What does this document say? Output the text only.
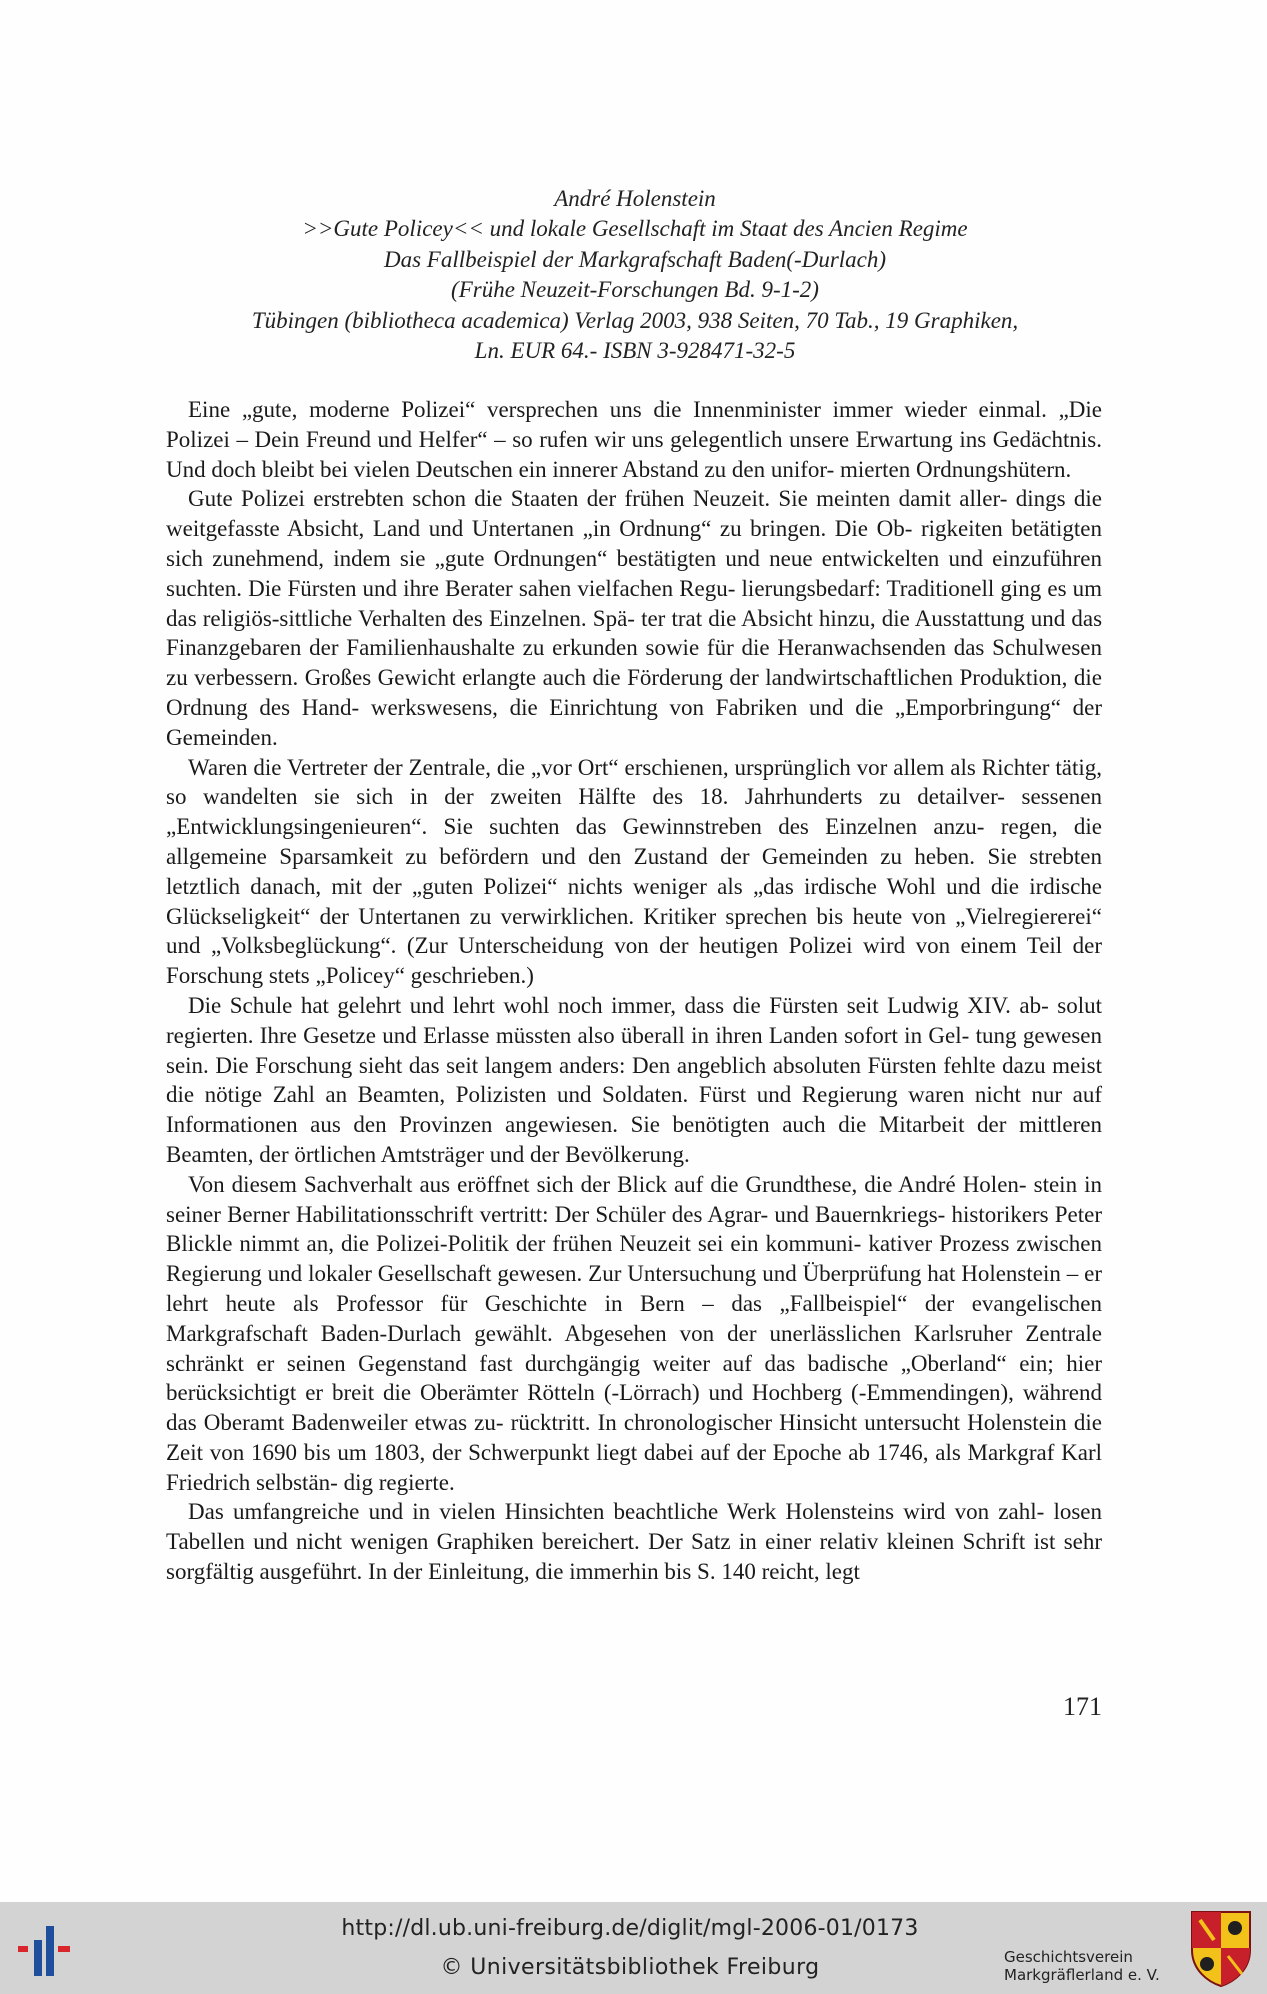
André Holenstein
>>Gute Policey<< und lokale Gesellschaft im Staat des Ancien Regime
Das Fallbeispiel der Markgrafschaft Baden(-Durlach)
(Frühe Neuzeit-Forschungen Bd. 9-1-2)
Tübingen (bibliotheca academica) Verlag 2003, 938 Seiten, 70 Tab., 19 Graphiken,
Ln. EUR 64.- ISBN 3-928471-32-5

Eine „gute, moderne Polizei“ versprechen uns die Innenminister immer wieder einmal. „Die Polizei – Dein Freund und Helfer“ – so rufen wir uns gelegentlich unsere Erwartung ins Gedächtnis. Und doch bleibt bei vielen Deutschen ein innerer Abstand zu den unifor- mierten Ordnungshütern.

Gute Polizei erstrebten schon die Staaten der frühen Neuzeit. Sie meinten damit aller- dings die weitgefasste Absicht, Land und Untertanen „in Ordnung“ zu bringen. Die Ob- rigkeiten betätigten sich zunehmend, indem sie „gute Ordnungen“ bestätigten und neue entwickelten und einzuführen suchten. Die Fürsten und ihre Berater sahen vielfachen Regu- lierungsbedarf: Traditionell ging es um das religiös-sittliche Verhalten des Einzelnen. Spä- ter trat die Absicht hinzu, die Ausstattung und das Finanzgebaren der Familienhaushalte zu erkunden sowie für die Heranwachsenden das Schulwesen zu verbessern. Großes Gewicht erlangte auch die Förderung der landwirtschaftlichen Produktion, die Ordnung des Hand- werkswesens, die Einrichtung von Fabriken und die „Emporbringung“ der Gemeinden.

Waren die Vertreter der Zentrale, die „vor Ort“ erschienen, ursprünglich vor allem als Richter tätig, so wandelten sie sich in der zweiten Hälfte des 18. Jahrhunderts zu detailver- sessenen „Entwicklungsingenieuren“. Sie suchten das Gewinnstreben des Einzelnen anzu- regen, die allgemeine Sparsamkeit zu befördern und den Zustand der Gemeinden zu heben. Sie strebten letztlich danach, mit der „guten Polizei“ nichts weniger als „das irdische Wohl und die irdische Glückseligkeit“ der Untertanen zu verwirklichen. Kritiker sprechen bis heute von „Vielregiererei“ und „Volksbeglückung“. (Zur Unterscheidung von der heutigen Polizei wird von einem Teil der Forschung stets „Policey“ geschrieben.)

Die Schule hat gelehrt und lehrt wohl noch immer, dass die Fürsten seit Ludwig XIV. ab- solut regierten. Ihre Gesetze und Erlasse müssten also überall in ihren Landen sofort in Gel- tung gewesen sein. Die Forschung sieht das seit langem anders: Den angeblich absoluten Fürsten fehlte dazu meist die nötige Zahl an Beamten, Polizisten und Soldaten. Fürst und Regierung waren nicht nur auf Informationen aus den Provinzen angewiesen. Sie benötigten auch die Mitarbeit der mittleren Beamten, der örtlichen Amtsträger und der Bevölkerung.

Von diesem Sachverhalt aus eröffnet sich der Blick auf die Grundthese, die André Holen- stein in seiner Berner Habilitationsschrift vertritt: Der Schüler des Agrar- und Bauernkriegs- historikers Peter Blickle nimmt an, die Polizei-Politik der frühen Neuzeit sei ein kommuni- kativer Prozess zwischen Regierung und lokaler Gesellschaft gewesen. Zur Untersuchung und Überprüfung hat Holenstein – er lehrt heute als Professor für Geschichte in Bern – das „Fallbeispiel“ der evangelischen Markgrafschaft Baden-Durlach gewählt. Abgesehen von der unerlässlichen Karlsruher Zentrale schränkt er seinen Gegenstand fast durchgängig weiter auf das badische „Oberland“ ein; hier berücksichtigt er breit die Oberämter Rötteln (-Lörrach) und Hochberg (-Emmendingen), während das Oberamt Badenweiler etwas zu- rücktritt. In chronologischer Hinsicht untersucht Holenstein die Zeit von 1690 bis um 1803, der Schwerpunkt liegt dabei auf der Epoche ab 1746, als Markgraf Karl Friedrich selbstän- dig regierte.

Das umfangreiche und in vielen Hinsichten beachtliche Werk Holensteins wird von zahl- losen Tabellen und nicht wenigen Graphiken bereichert. Der Satz in einer relativ kleinen Schrift ist sehr sorgfältig ausgeführt. In der Einleitung, die immerhin bis S. 140 reicht, legt

171
http://dl.ub.uni-freiburg.de/diglit/mgl-2006-01/0173
© Universitätsbibliothek Freiburg	Geschichtsverein
Markgräflerland e. V.
